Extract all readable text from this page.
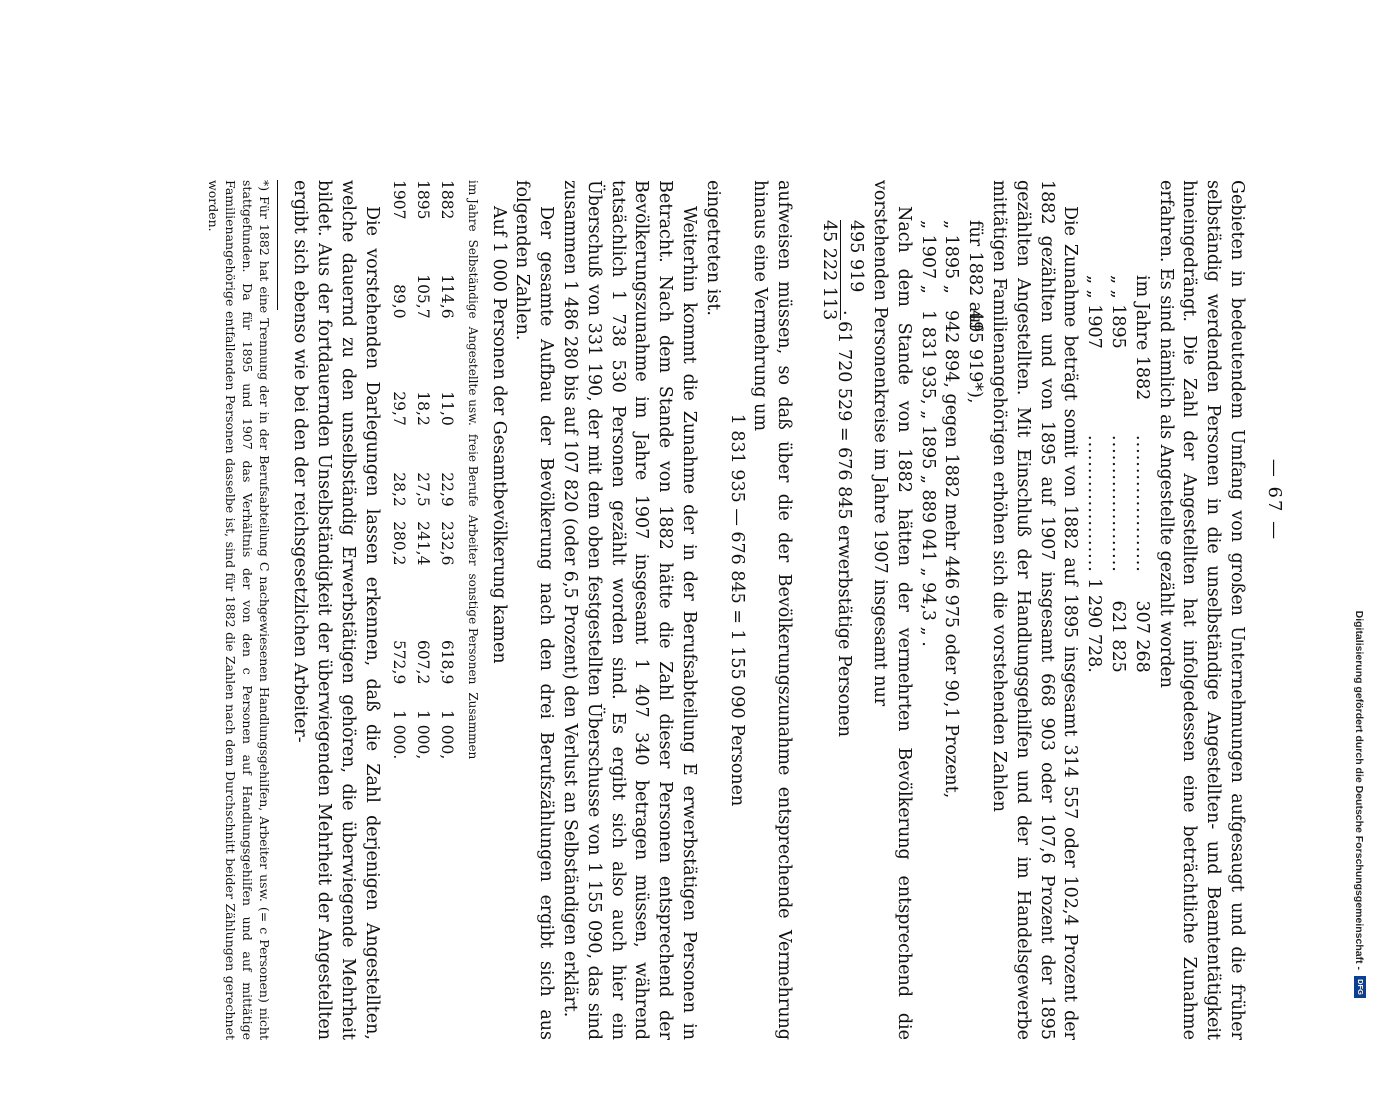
Digitalisierung gefördert durch die Deutsche Forschungsgemeinschaft -
DFG
— 67 —

Gebieten in bedeutendem Umfang von großen Unternehmungen aufgesaugt und die früher selbständig werdenden Personen in die unselbständige Angestellten- und Beamtentätigkeit hineingedrängt. Die Zahl der Angestellten hat infolgedessen eine beträchtliche Zunahme erfahren. Es sind nämlich als Angestellte gezählt worden

im Jahre 1882
.....................
307 268
„ „ 1895
.....................
621 825
„ „ 1907
.....................
1 290 728.

Die Zunahme beträgt somit von 1882 auf 1895 insgesamt 314 557 oder 102,4 Prozent der 1882 gezählten und von 1895 auf 1907 insgesamt 668 903 oder 107,6 Prozent der 1895 gezählten Angestellten. Mit Einschluß der Handlungsgehilfen und der im Handelsgewerbe mittätigen Familienangehörigen erhöhen sich die vorstehenden Zahlen

für 1882 auf
495 919*),
„ 1895 „
942 894, gegen 1882 mehr 446 975 oder 90,1 Prozent,
„ 1907 „
1 831 935, „ 1895 „ 889 041 „ 94,3 „ .

Nach dem Stande von 1882 hätten der vermehrten Bevölkerung entsprechend die vorstehenden Personenkreise im Jahre 1907 insgesamt nur

495 919
45 222 113
· 61 720 529 = 676 845 erwerbstätige Personen

aufweisen müssen, so daß über die der Bevölkerungszunahme entsprechende Vermehrung hinaus eine Vermehrung um

1 831 935 — 676 845 = 1 155 090 Personen

eingetreten ist.

Weiterhin kommt die Zunahme der in der Berufsabteilung E erwerbstätigen Personen in Betracht. Nach dem Stande von 1882 hätte die Zahl dieser Personen entsprechend der Bevölkerungszunahme im Jahre 1907 insgesamt 1 407 340 betragen müssen, während tatsächlich 1 738 530 Personen gezählt worden sind. Es ergibt sich also auch hier ein Überschuß von 331 190, der mit dem oben festgestellten Überschusse von 1 155 090, das sind zusammen 1 486 280 bis auf 107 820 (oder 6,5 Prozent) den Verlust an Selbständigen erklärt.

Der gesamte Aufbau der Bevölkerung nach den drei Berufszählungen ergibt sich aus folgenden Zahlen.

Auf 1 000 Personen der Gesamtbevölkerung kamen

im Jahre	Selbständige	Angestellte usw.	freie Berufe	Arbeiter	sonstige Personen	Zusammen
1882	114,6	11,0	22,9	232,6	618,9	1 000,
1895	105,7	18,2	27,5	241,4	607,2	1 000,
1907	89,0	29,7	28,2	280,2	572,9	1 000.

Die vorstehenden Darlegungen lassen erkennen, daß die Zahl derjenigen Angestellten, welche dauernd zu den unselbständig Erwerbstätigen gehören, die überwiegende Mehrheit bildet. Aus der fortdauernden Unselbständigkeit der überwiegenden Mehrheit der Angestellten ergibt sich ebenso wie bei den der reichsgesetzlichen Arbeiter-

*) Für 1882 hat eine Trennung der in der Berufsabteilung C nachgewiesenen Handlungsgehilfen, Arbeiter usw. (= c Personen) nicht stattgefunden. Da für 1895 und 1907 das Verhältnis der von den c Personen auf Handlungsgehilfen und auf mittätige Familienangehörige entfallenden Personen dasselbe ist, sind für 1882 die Zahlen nach dem Durchschnitt beider Zählungen gerechnet worden.
